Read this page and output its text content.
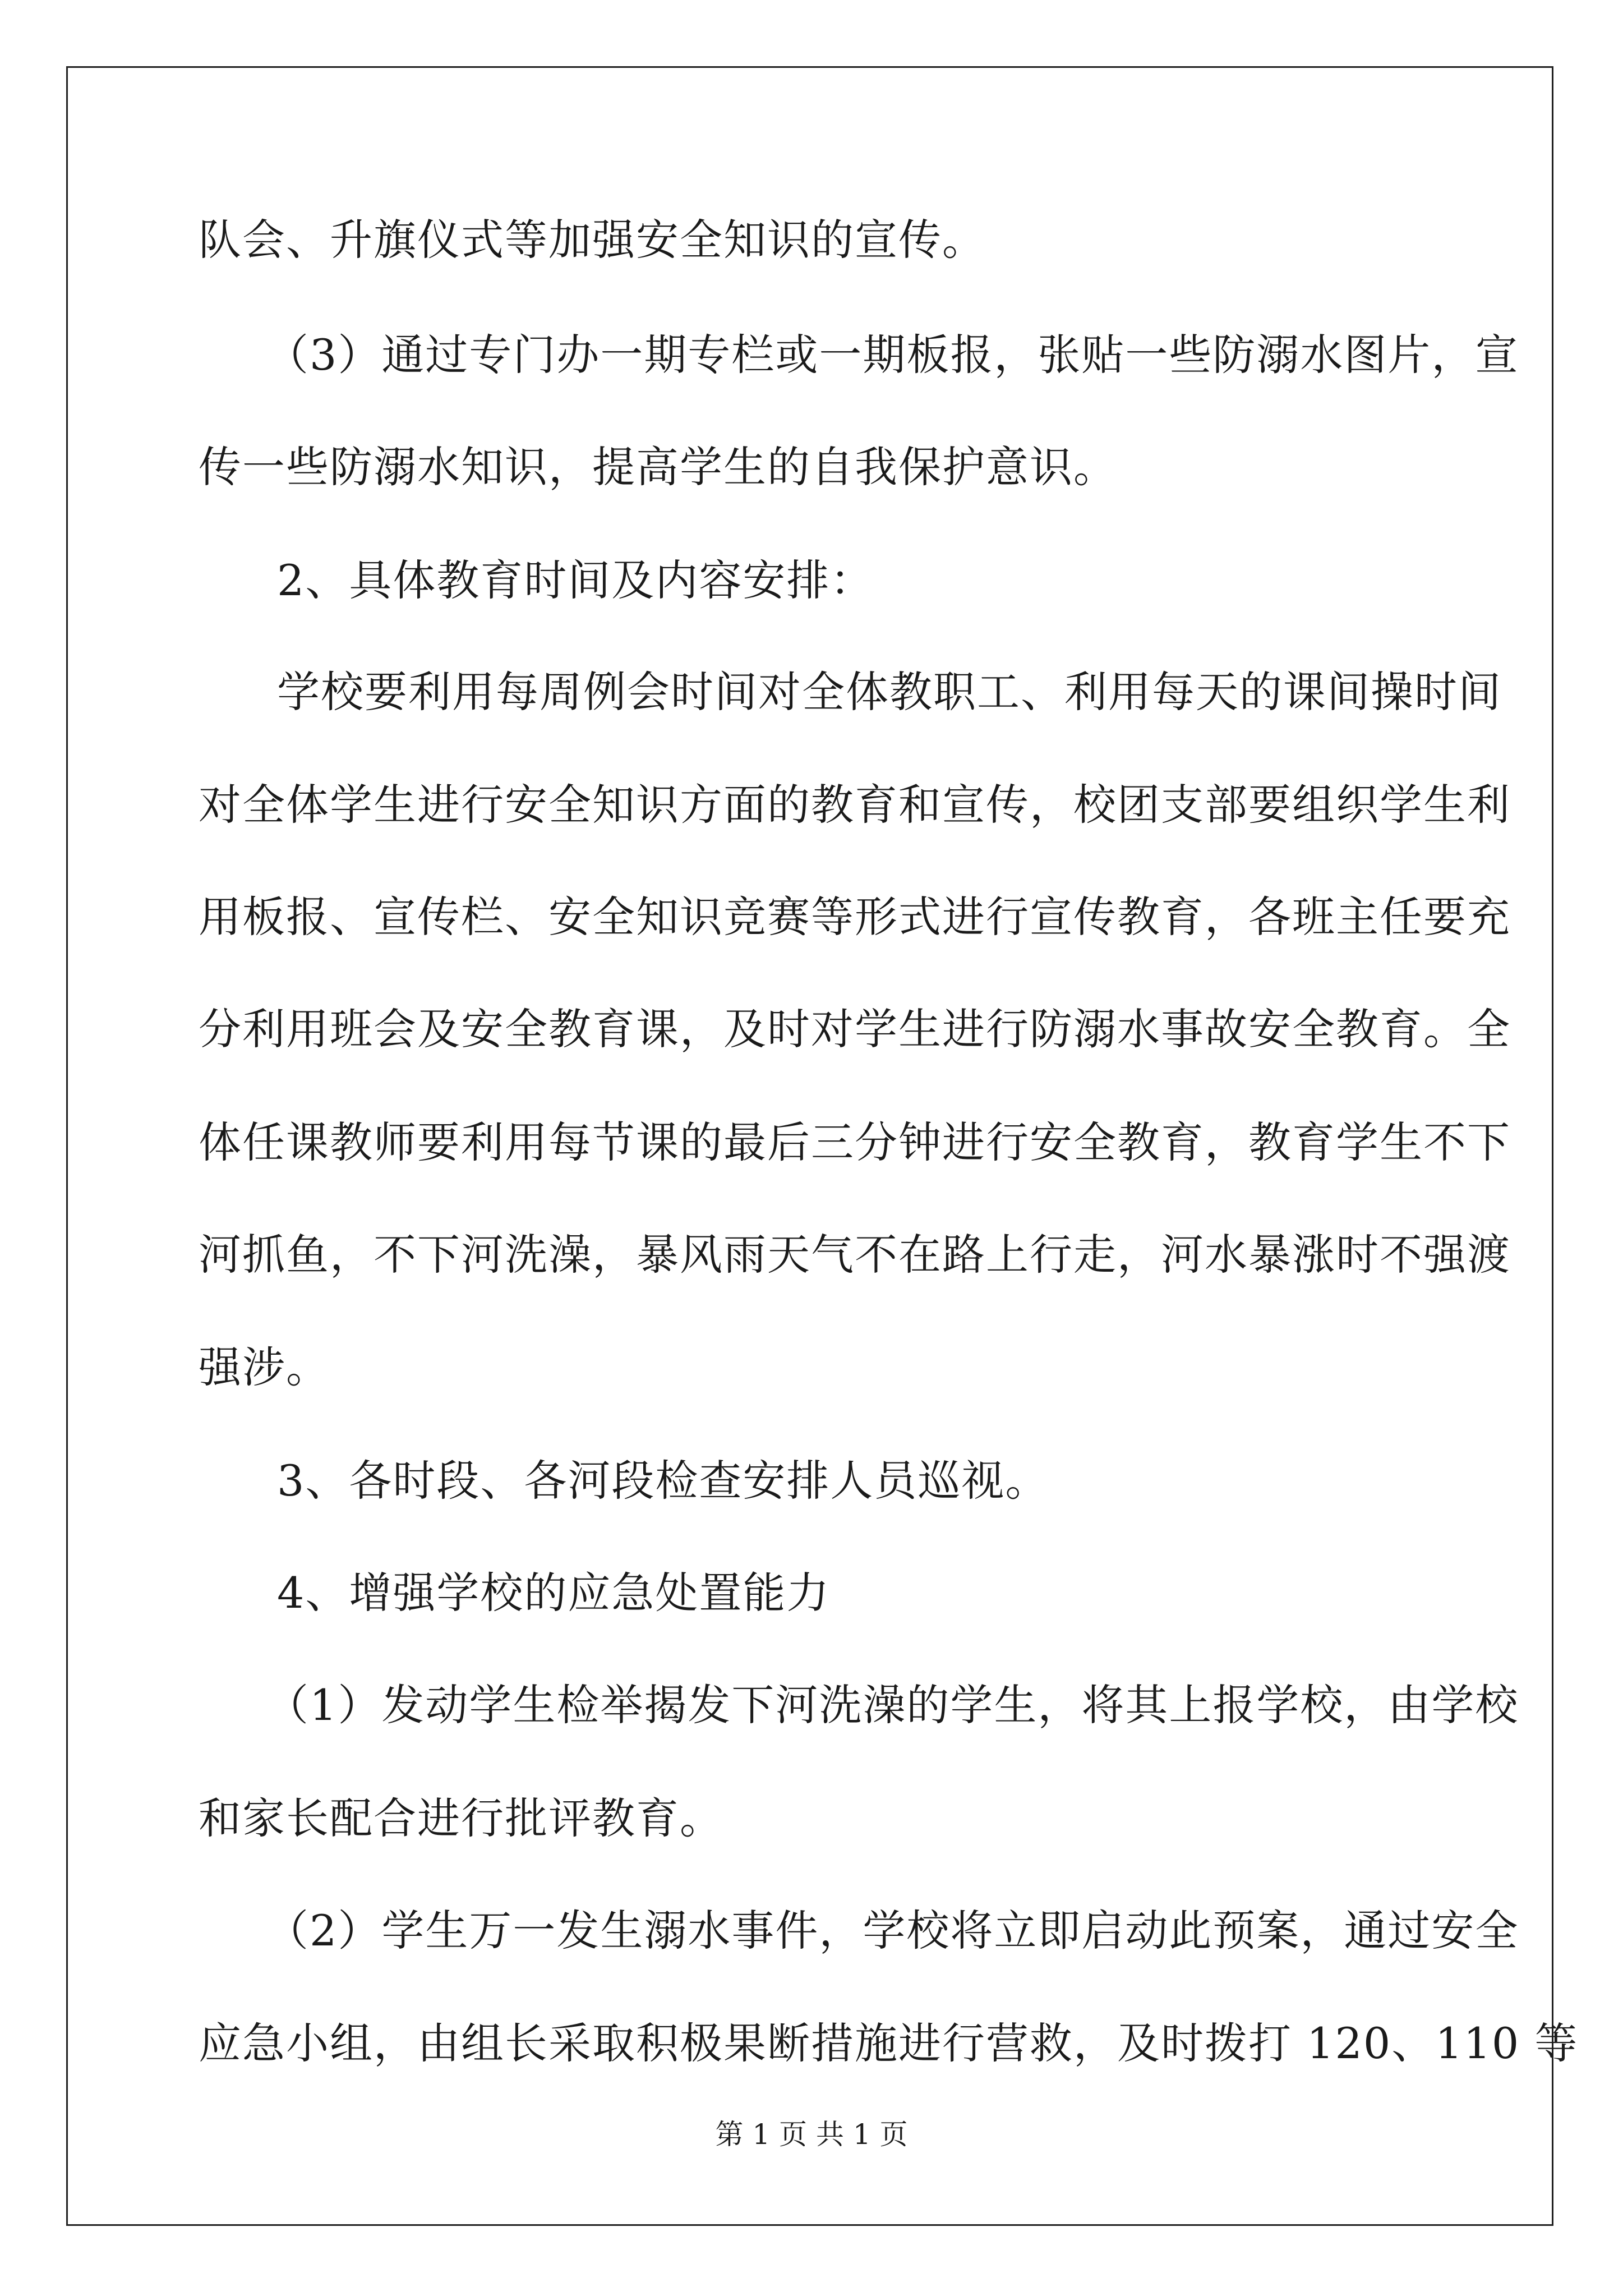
队会、升旗仪式等加强安全知识的宣传。
（3）通过专门办一期专栏或一期板报，张贴一些防溺水图片，宣
传一些防溺水知识，提高学生的自我保护意识。
2、具体教育时间及内容安排：
学校要利用每周例会时间对全体教职工、利用每天的课间操时间
对全体学生进行安全知识方面的教育和宣传，校团支部要组织学生利
用板报、宣传栏、安全知识竞赛等形式进行宣传教育，各班主任要充
分利用班会及安全教育课，及时对学生进行防溺水事故安全教育。全
体任课教师要利用每节课的最后三分钟进行安全教育，教育学生不下
河抓鱼，不下河洗澡，暴风雨天气不在路上行走，河水暴涨时不强渡
强涉。
3、各时段、各河段检查安排人员巡视。
4、增强学校的应急处置能力
（1）发动学生检举揭发下河洗澡的学生，将其上报学校，由学校
和家长配合进行批评教育。
（2）学生万一发生溺水事件，学校将立即启动此预案，通过安全
应急小组，由组长采取积极果断措施进行营救，及时拨打 120、110 等
第 1 页 共 1 页
